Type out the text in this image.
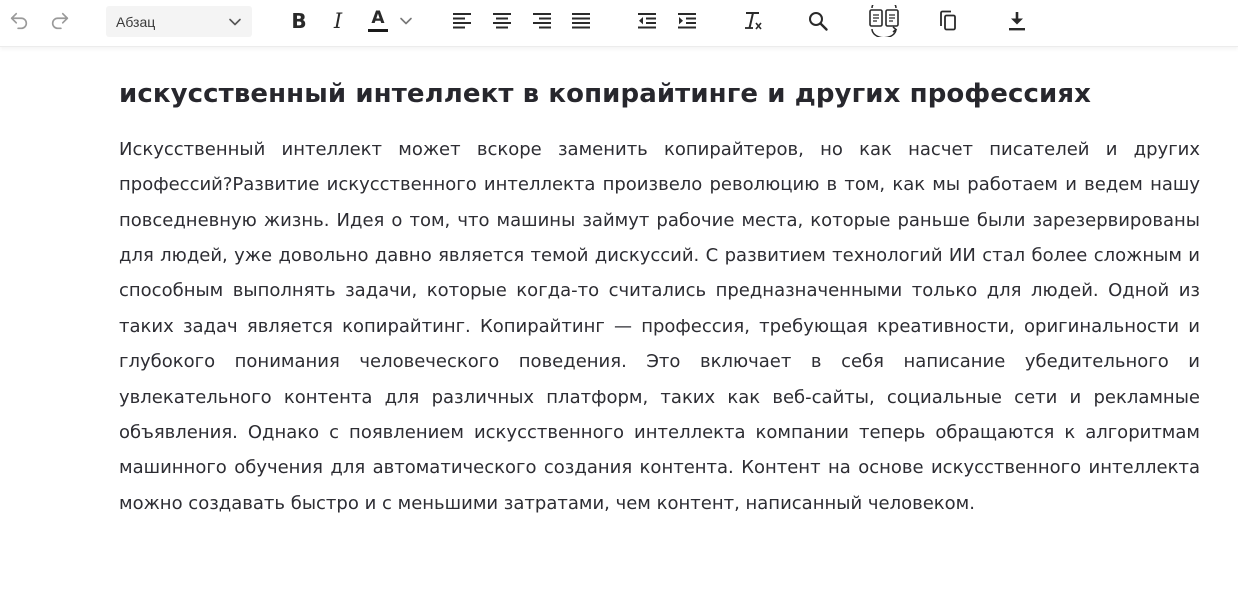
Абзац	B I A
искусственный интеллект в копирайтинге и других профессиях

Искусственный интеллект может вскоре заменить копирайтеров, но как насчет писателей и других профессий?Развитие искусственного интеллекта произвело революцию в том, как мы работаем и ведем нашу повседневную жизнь. Идея о том, что машины займут рабочие места, которые раньше были зарезервированы для людей, уже довольно давно является темой дискуссий. С развитием технологий ИИ стал более сложным и способным выполнять задачи, которые когда-то считались предназначенными только для людей. Одной из таких задач является копирайтинг. Копирайтинг — профессия, требующая креативности, оригинальности и глубокого понимания человеческого поведения. Это включает в себя написание убедительного и увлекательного контента для различных платформ, таких как веб-сайты, социальные сети и рекламные объявления. Однако с появлением искусственного интеллекта компании теперь обращаются к алгоритмам машинного обучения для автоматического создания контента. Контент на основе искусственного интеллекта можно создавать быстро и с меньшими затратами, чем контент, написанный человеком.
